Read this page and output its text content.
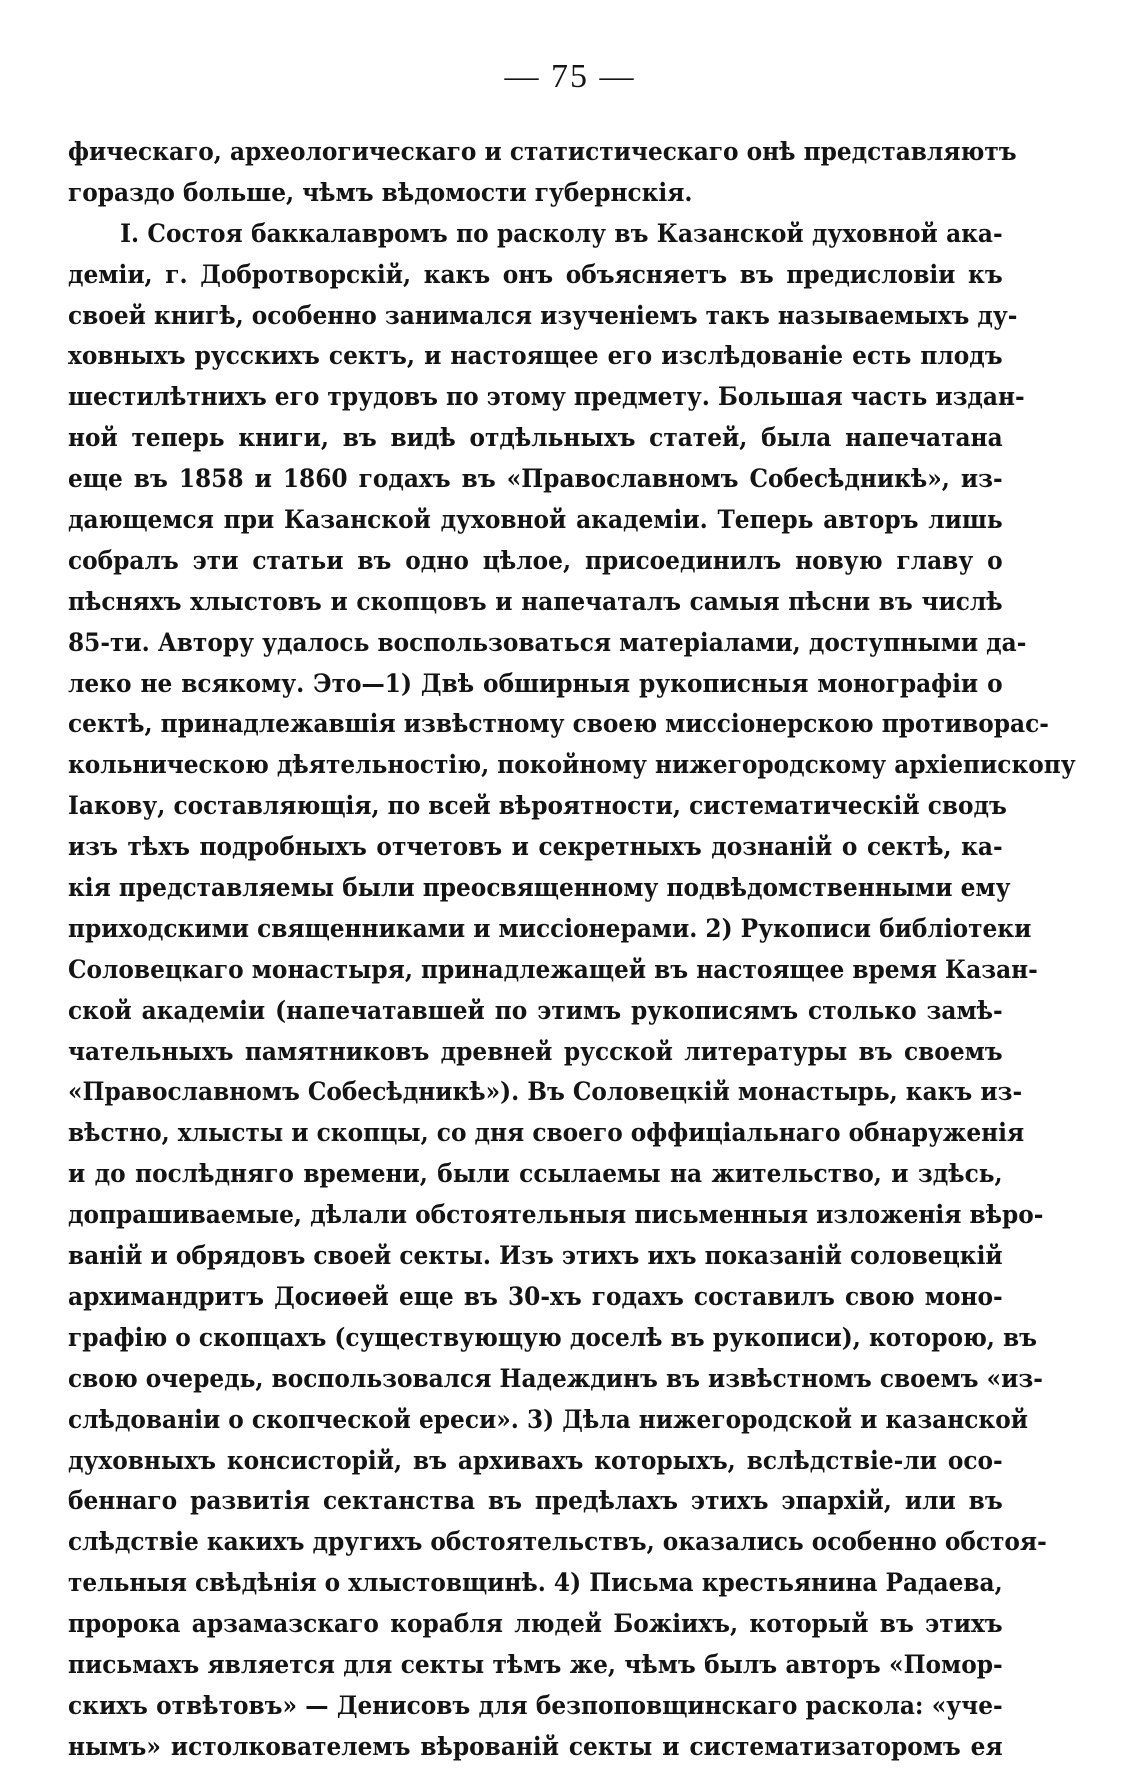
— 75 —
фическаго, археологическаго и статистическаго онѣ представляютъ
гораздо больше, чѣмъ вѣдомости губернскія.
I. Состоя баккалавромъ по расколу въ Казанской духовной ака-
деміи, г. Добротворскій, какъ онъ объясняетъ въ предисловіи къ
своей книгѣ, особенно занимался изученіемъ такъ называемыхъ ду-
ховныхъ русскихъ сектъ, и настоящее его изслѣдованіе есть плодъ
шестилѣтнихъ его трудовъ по этому предмету. Большая часть издан-
ной теперь книги, въ видѣ отдѣльныхъ статей, была напечатана
еще въ 1858 и 1860 годахъ въ «Православномъ Собесѣдникѣ», из-
дающемся при Казанской духовной академіи. Теперь авторъ лишь
собралъ эти статьи въ одно цѣлое, присоединилъ новую главу о
пѣсняхъ хлыстовъ и скопцовъ и напечаталъ самыя пѣсни въ числѣ
85-ти. Автору удалось воспользоваться матеріалами, доступными да-
леко не всякому. Это—1) Двѣ обширныя рукописныя монографіи о
сектѣ, принадлежавшія извѣстному своею миссіонерскою противорас-
кольническою дѣятельностію, покойному нижегородскому архіепископу
Іакову, составляющія, по всей вѣроятности, систематическій сводъ
изъ тѣхъ подробныхъ отчетовъ и секретныхъ дознаній о сектѣ, ка-
кія представляемы были преосвященному подвѣдомственными ему
приходскими священниками и миссіонерами. 2) Рукописи библіотеки
Соловецкаго монастыря, принадлежащей въ настоящее время Казан-
ской академіи (напечатавшей по этимъ рукописямъ столько замѣ-
чательныхъ памятниковъ древней русской литературы въ своемъ
«Православномъ Собесѣдникѣ»). Въ Соловецкій монастырь, какъ из-
вѣстно, хлысты и скопцы, со дня своего оффиціальнаго обнаруженія
и до послѣдняго времени, были ссылаемы на жительство, и здѣсь,
допрашиваемые, дѣлали обстоятельныя письменныя изложенія вѣро-
ваній и обрядовъ своей секты. Изъ этихъ ихъ показаній соловецкій
архимандритъ Досиѳей еще въ 30-хъ годахъ составилъ свою моно-
графію о скопцахъ (существующую доселѣ въ рукописи), которою, въ
свою очередь, воспользовался Надеждинъ въ извѣстномъ своемъ «из-
слѣдованіи о скопческой ереси». 3) Дѣла нижегородской и казанской
духовныхъ консисторій, въ архивахъ которыхъ, вслѣдствіе-ли осо-
беннаго развитія сектанства въ предѣлахъ этихъ эпархій, или въ
слѣдствіе какихъ другихъ обстоятельствъ, оказались особенно обстоя-
тельныя свѣдѣнія о хлыстовщинѣ. 4) Письма крестьянина Радаева,
пророка арзамазскаго корабля людей Божіихъ, который въ этихъ
письмахъ является для секты тѣмъ же, чѣмъ былъ авторъ «Помор-
скихъ отвѣтовъ» — Денисовъ для безпоповщинскаго раскола: «уче-
нымъ» истолкователемъ вѣрованій секты и систематизаторомъ ея
